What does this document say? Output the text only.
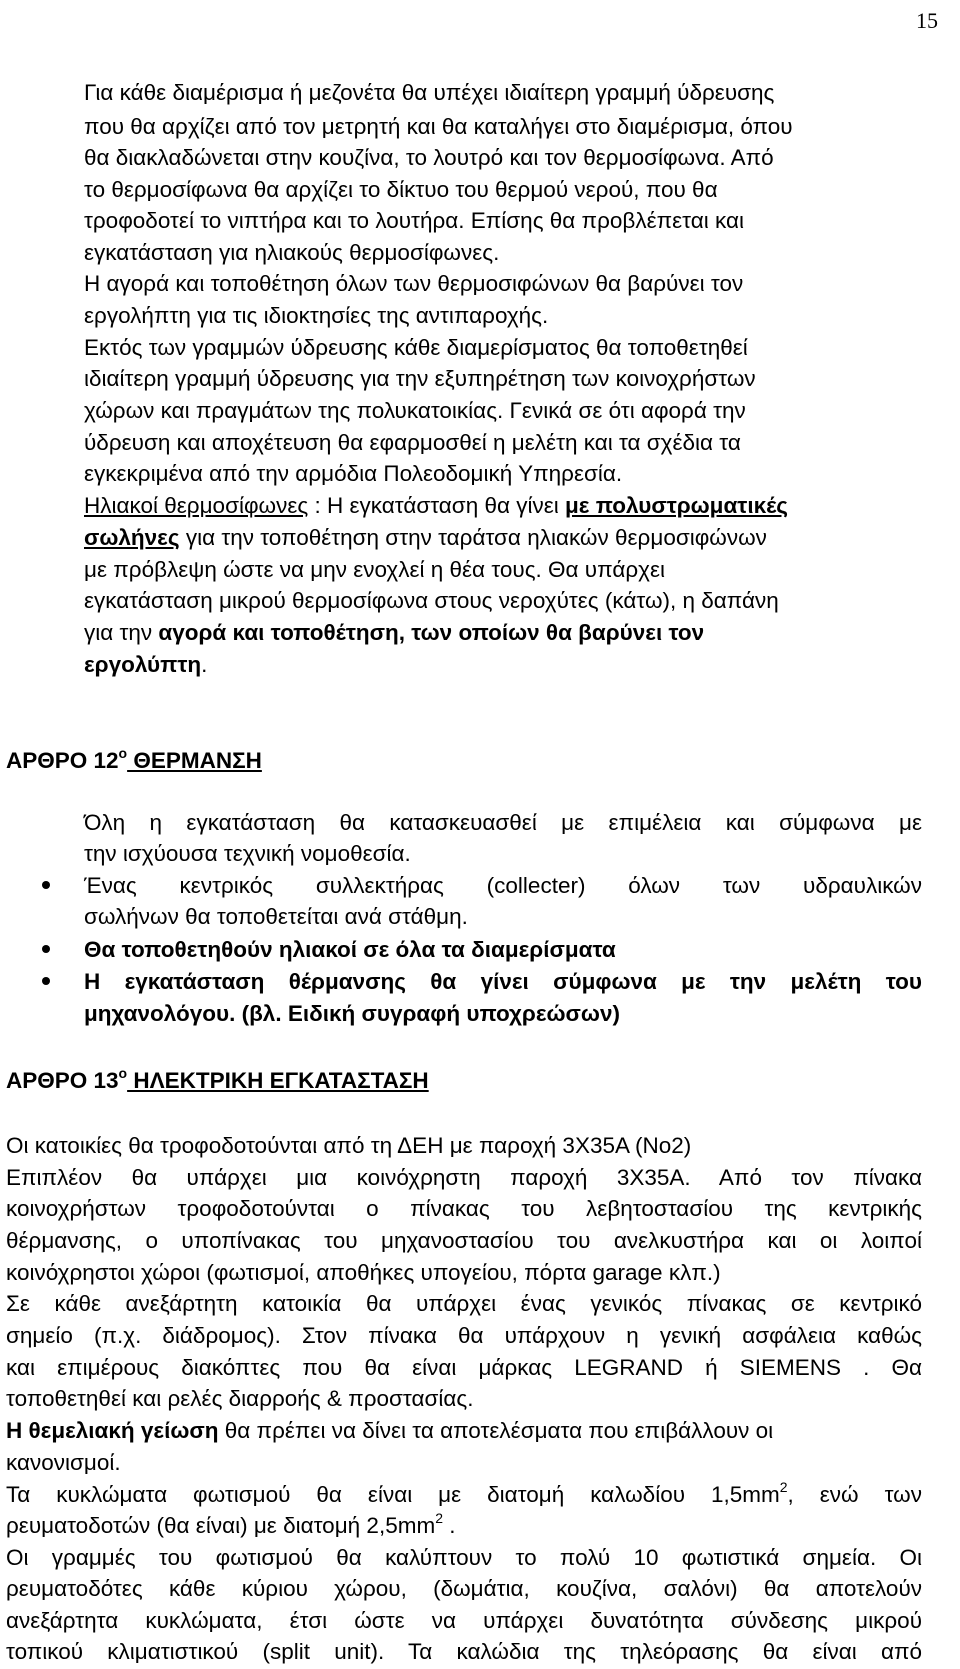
15
Για κάθε διαμέρισμα ή μεζονέτα θα υπέχει ιδιαίτερη γραμμή ύδρευσης
που θα αρχίζει από τον μετρητή και θα καταλήγει στο διαμέρισμα, όπου
θα διακλαδώνεται στην κουζίνα, το λουτρό και τον θερμοσίφωνα. Από
το θερμοσίφωνα θα αρχίζει το δίκτυο του θερμού νερού, που θα
τροφοδοτεί το νιπτήρα και το λουτήρα. Επίσης θα προβλέπεται και
εγκατάσταση για ηλιακούς θερμοσίφωνες.
Η αγορά και τοποθέτηση όλων των θερμοσιφώνων θα βαρύνει τον
εργολήπτη για τις ιδιοκτησίες της αντιπαροχής.
Εκτός των γραμμών ύδρευσης κάθε διαμερίσματος θα τοποθετηθεί
ιδιαίτερη γραμμή ύδρευσης για την εξυπηρέτηση των κοινοχρήστων
χώρων και πραγμάτων της πολυκατοικίας. Γενικά σε ότι αφορά την
ύδρευση και αποχέτευση θα εφαρμοσθεί η μελέτη και τα σχέδια τα
εγκεκριμένα από την αρμόδια Πολεοδομική Υπηρεσία.
Ηλιακοί θερμοσίφωνες : Η εγκατάσταση θα γίνει με πολυστρωματικές
σωλήνες για την τοποθέτηση στην ταράτσα ηλιακών θερμοσιφώνων
με πρόβλεψη ώστε να μην ενοχλεί η θέα τους. Θα υπάρχει
εγκατάσταση μικρού θερμοσίφωνα στους νεροχύτες (κάτω), η δαπάνη
για την αγορά και τοποθέτηση, των οποίων θα βαρύνει τον
εργολύπτη.
ΑΡΘΡΟ $12^o$ ΘΕΡΜΑΝΣΗ
Όλη η εγκατάσταση θα κατασκευασθεί με επιμέλεια και σύμφωνα με
την ισχύουσα τεχνική νομοθεσία.
Ένας κεντρικός συλλεκτήρας (collecter) όλων των υδραυλικών
σωλήνων θα τοποθετείται ανά στάθμη.
Θα τοποθετηθούν ηλιακοί σε όλα τα διαμερίσματα
Η εγκατάσταση θέρμανσης θα γίνει σύμφωνα με την μελέτη του
μηχανολόγου. (βλ. Ειδική συγραφή υποχρεώσων)
ΑΡΘΡΟ $13^o$ ΗΛΕΚΤΡΙΚΗ ΕΓΚΑΤΑΣΤΑΣΗ
Οι κατοικίες θα τροφοδοτούνται από τη ΔΕΗ με παροχή 3Χ35Α (Νο2)
Επιπλέον θα υπάρχει μια κοινόχρηστη παροχή 3Χ35Α. Από τον πίνακα
κοινοχρήστων τροφοδοτούνται ο πίνακας του λεβητοστασίου της κεντρικής
θέρμανσης, ο υποπίνακας του μηχανοστασίου του ανελκυστήρα και οι λοιποί
κοινόχρηστοι χώροι (φωτισμοί, αποθήκες υπογείου, πόρτα garage κλπ.)
Σε κάθε ανεξάρτητη κατοικία θα υπάρχει ένας γενικός πίνακας σε κεντρικό
σημείο (π.χ. διάδρομος). Στον πίνακα θα υπάρχουν η γενική ασφάλεια καθώς
και επιμέρους διακόπτες που θα είναι μάρκας LEGRAND ή SIEMENS . Θα
τοποθετηθεί και ρελές διαρροής & προστασίας.
Η θεμελιακή γείωση θα πρέπει να δίνει τα αποτελέσματα που επιβάλλουν οι
κανονισμοί.
Τα κυκλώματα φωτισμού θα είναι με διατομή καλωδίου $1,5mm^2$, ενώ των
ρευματοδοτών (θα είναι) με διατομή $2,5mm^2$ .
Οι γραμμές του φωτισμού θα καλύπτουν το πολύ 10 φωτιστικά σημεία. Οι
ρευματοδότες κάθε κύριου χώρου, (δωμάτια, κουζίνα, σαλόνι) θα αποτελούν
ανεξάρτητα κυκλώματα, έτσι ώστε να υπάρχει δυνατότητα σύνδεσης μικρού
τοπικού κλιματιστικού (split unit). Τα καλώδια της τηλεόρασης θα είναι από
